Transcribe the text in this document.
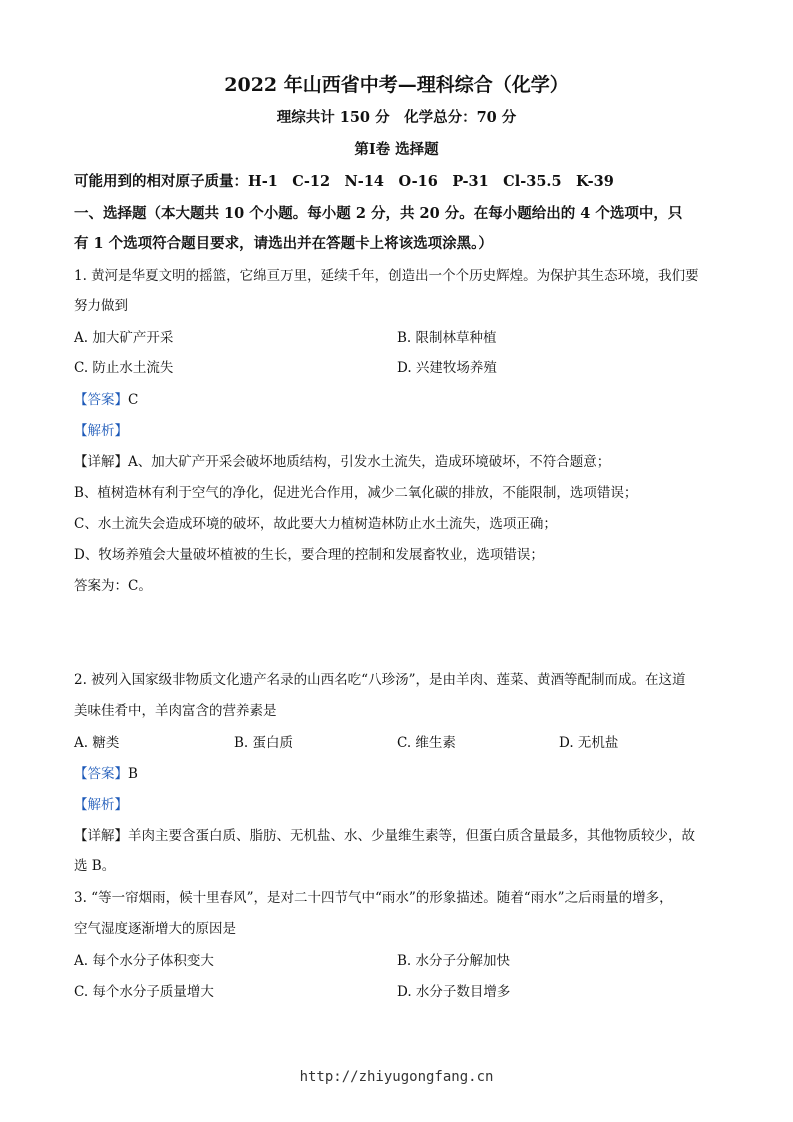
2022 年山西省中考—理科综合（化学）
理综共计 150 分　化学总分：70 分
第Ⅰ卷 选择题
可能用到的相对原子质量：H-1　C-12　N-14　O-16　P-31　Cl-35.5　K-39
一、选择题（本大题共 10 个小题。每小题 2 分，共 20 分。在每小题给出的 4 个选项中，只
有 1 个选项符合题目要求，请选出并在答题卡上将该选项涂黑。）
1. 黄河是华夏文明的摇篮，它绵亘万里，延续千年，创造出一个个历史辉煌。为保护其生态环境，我们要
努力做到
A. 加大矿产开采	B. 限制林草种植
C. 防止水土流失	D. 兴建牧场养殖
【答案】C
【解析】
【详解】A、加大矿产开采会破坏地质结构，引发水土流失，造成环境破坏，不符合题意；
B、植树造林有利于空气的净化，促进光合作用，减少二氧化碳的排放，不能限制，选项错误；
C、水土流失会造成环境的破坏，故此要大力植树造林防止水土流失，选项正确；
D、牧场养殖会大量破坏植被的生长，要合理的控制和发展畜牧业，选项错误；
答案为：C。
2. 被列入国家级非物质文化遗产名录的山西名吃“八珍汤”，是由羊肉、莲菜、黄酒等配制而成。在这道
美味佳肴中，羊肉富含的营养素是
A. 糖类	B. 蛋白质	C. 维生素	D. 无机盐
【答案】B
【解析】
【详解】羊肉主要含蛋白质、脂肪、无机盐、水、少量维生素等，但蛋白质含量最多，其他物质较少，故
选 B。
3. “等一帘烟雨，候十里春风”，是对二十四节气中“雨水”的形象描述。随着“雨水”之后雨量的增多，
空气湿度逐渐增大的原因是
A. 每个水分子体积变大	B. 水分子分解加快
C. 每个水分子质量增大	D. 水分子数目增多
http://zhiyugongfang.cn
